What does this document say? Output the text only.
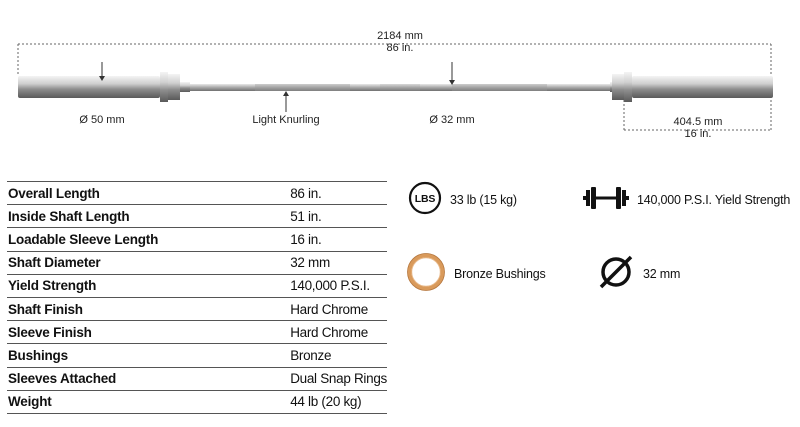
2184 mm
86 in.
Ø 50 mm	Light Knurling	Ø 32 mm	404.5 mm
16 in.
Overall Length	86 in.
Inside Shaft Length	51 in.
Loadable Sleeve Length	16 in.
Shaft Diameter	32 mm
Yield Strength	140,000 P.S.I.
Shaft Finish	Hard Chrome
Sleeve Finish	Hard Chrome
Bushings	Bronze
Sleeves Attached	Dual Snap Rings
Weight	44 lb (20 kg)
LBS 33 lb (15 kg)	140,000 P.S.I. Yield Strength
Bronze Bushings	32 mm
